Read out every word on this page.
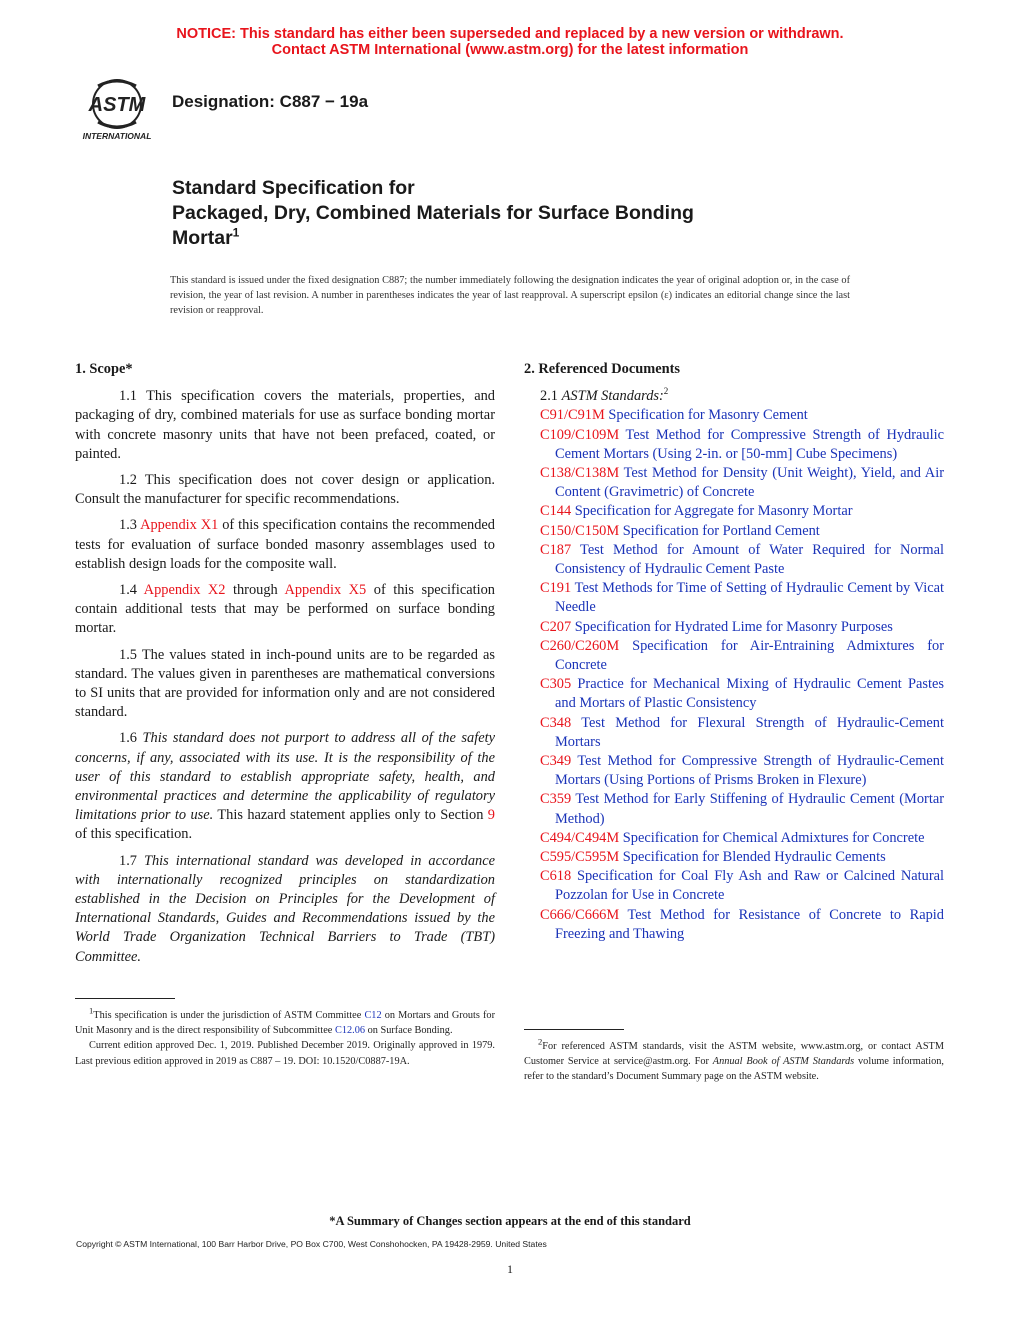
NOTICE: This standard has either been superseded and replaced by a new version or withdrawn.
Contact ASTM International (www.astm.org) for the latest information
ASTM
INTERNATIONAL
Designation: C887 − 19a
Standard Specification for
Packaged, Dry, Combined Materials for Surface Bonding
Mortar$^1$
This standard is issued under the fixed designation C887; the number immediately following the designation indicates the year of original adoption or, in the case of revision, the year of last revision. A number in parentheses indicates the year of last reapproval. A superscript epsilon (ε) indicates an editorial change since the last revision or reapproval.
1. Scope*

1.1 This specification covers the materials, properties, and packaging of dry, combined materials for use as surface bonding mortar with concrete masonry units that have not been prefaced, coated, or painted.

1.2 This specification does not cover design or application. Consult the manufacturer for specific recommendations.

1.3 Appendix X1 of this specification contains the recommended tests for evaluation of surface bonded masonry assemblages used to establish design loads for the composite wall.

1.4 Appendix X2 through Appendix X5 of this specification contain additional tests that may be performed on surface bonding mortar.

1.5 The values stated in inch-pound units are to be regarded as standard. The values given in parentheses are mathematical conversions to SI units that are provided for information only and are not considered standard.

1.6 This standard does not purport to address all of the safety concerns, if any, associated with its use. It is the responsibility of the user of this standard to establish appropriate safety, health, and environmental practices and determine the applicability of regulatory limitations prior to use. This hazard statement applies only to Section 9 of this specification.

1.7 This international standard was developed in accordance with internationally recognized principles on standardization established in the Decision on Principles for the Development of International Standards, Guides and Recommendations issued by the World Trade Organization Technical Barriers to Trade (TBT) Committee.

2. Referenced Documents
2.1 ASTM Standards:$^2$

C91/C91M Specification for Masonry Cement

C109/C109M Test Method for Compressive Strength of Hydraulic Cement Mortars (Using 2-in. or [50-mm] Cube Specimens)

C138/C138M Test Method for Density (Unit Weight), Yield, and Air Content (Gravimetric) of Concrete

C144 Specification for Aggregate for Masonry Mortar

C150/C150M Specification for Portland Cement

C187 Test Method for Amount of Water Required for Normal Consistency of Hydraulic Cement Paste

C191 Test Methods for Time of Setting of Hydraulic Cement by Vicat Needle

C207 Specification for Hydrated Lime for Masonry Purposes

C260/C260M Specification for Air-Entraining Admixtures for Concrete

C305 Practice for Mechanical Mixing of Hydraulic Cement Pastes and Mortars of Plastic Consistency

C348 Test Method for Flexural Strength of Hydraulic-Cement Mortars

C349 Test Method for Compressive Strength of Hydraulic-Cement Mortars (Using Portions of Prisms Broken in Flexure)

C359 Test Method for Early Stiffening of Hydraulic Cement (Mortar Method)

C494/C494M Specification for Chemical Admixtures for Concrete

C595/C595M Specification for Blended Hydraulic Cements

C618 Specification for Coal Fly Ash and Raw or Calcined Natural Pozzolan for Use in Concrete

C666/C666M Test Method for Resistance of Concrete to Rapid Freezing and Thawing

$^1$This specification is under the jurisdiction of ASTM Committee C12 on Mortars and Grouts for Unit Masonry and is the direct responsibility of Subcommittee C12.06 on Surface Bonding.

Current edition approved Dec. 1, 2019. Published December 2019. Originally approved in 1979. Last previous edition approved in 2019 as C887 – 19. DOI: 10.1520/C0887-19A.

$^2$For referenced ASTM standards, visit the ASTM website, www.astm.org, or contact ASTM Customer Service at service@astm.org. For Annual Book of ASTM Standards volume information, refer to the standard’s Document Summary page on the ASTM website.

*A Summary of Changes section appears at the end of this standard
Copyright © ASTM International, 100 Barr Harbor Drive, PO Box C700, West Conshohocken, PA 19428-2959. United States
1
